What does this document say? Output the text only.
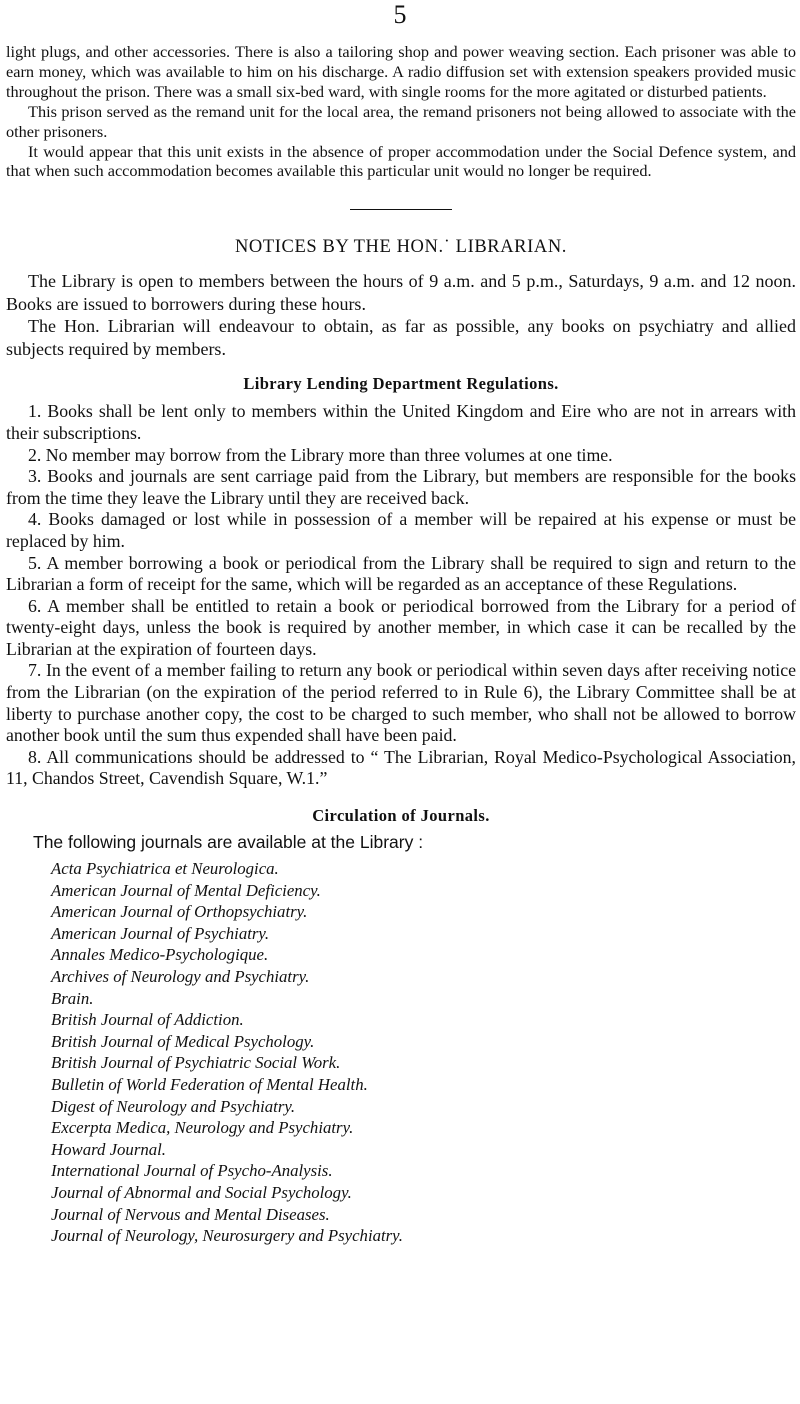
5

light plugs, and other accessories. There is also a tailoring shop and power weaving section. Each prisoner was able to earn money, which was available to him on his discharge. A radio diffusion set with extension speakers provided music throughout the prison. There was a small six-bed ward, with single rooms for the more agitated or disturbed patients.

This prison served as the remand unit for the local area, the remand prisoners not being allowed to associate with the other prisoners.

It would appear that this unit exists in the absence of proper accommodation under the Social Defence system, and that when such accommodation becomes available this particular unit would no longer be required.

NOTICES BY THE HON.˙ LIBRARIAN.

The Library is open to members between the hours of 9 a.m. and 5 p.m., Saturdays, 9 a.m. and 12 noon. Books are issued to borrowers during these hours.

The Hon. Librarian will endeavour to obtain, as far as possible, any books on psychiatry and allied subjects required by members.

Library Lending Department Regulations.

1. Books shall be lent only to members within the United Kingdom and Eire who are not in arrears with their subscriptions.

2. No member may borrow from the Library more than three volumes at one time.

3. Books and journals are sent carriage paid from the Library, but members are responsible for the books from the time they leave the Library until they are received back.

4. Books damaged or lost while in possession of a member will be repaired at his expense or must be replaced by him.

5. A member borrowing a book or periodical from the Library shall be required to sign and return to the Librarian a form of receipt for the same, which will be regarded as an acceptance of these Regulations.

6. A member shall be entitled to retain a book or periodical borrowed from the Library for a period of twenty-eight days, unless the book is required by another member, in which case it can be recalled by the Librarian at the expiration of fourteen days.

7. In the event of a member failing to return any book or periodical within seven days after receiving notice from the Librarian (on the expiration of the period referred to in Rule 6), the Library Committee shall be at liberty to purchase another copy, the cost to be charged to such member, who shall not be allowed to borrow another book until the sum thus expended shall have been paid.

8. All communications should be addressed to “ The Librarian, Royal Medico-Psychological Association, 11, Chandos Street, Cavendish Square, W.1.”

Circulation of Journals.

The following journals are available at the Library :

Acta Psychiatrica et Neurologica.
American Journal of Mental Deficiency.
American Journal of Orthopsychiatry.
American Journal of Psychiatry.
Annales Medico-Psychologique.
Archives of Neurology and Psychiatry.
Brain.
British Journal of Addiction.
British Journal of Medical Psychology.
British Journal of Psychiatric Social Work.
Bulletin of World Federation of Mental Health.
Digest of Neurology and Psychiatry.
Excerpta Medica, Neurology and Psychiatry.
Howard Journal.
International Journal of Psycho-Analysis.
Journal of Abnormal and Social Psychology.
Journal of Nervous and Mental Diseases.
Journal of Neurology, Neurosurgery and Psychiatry.
